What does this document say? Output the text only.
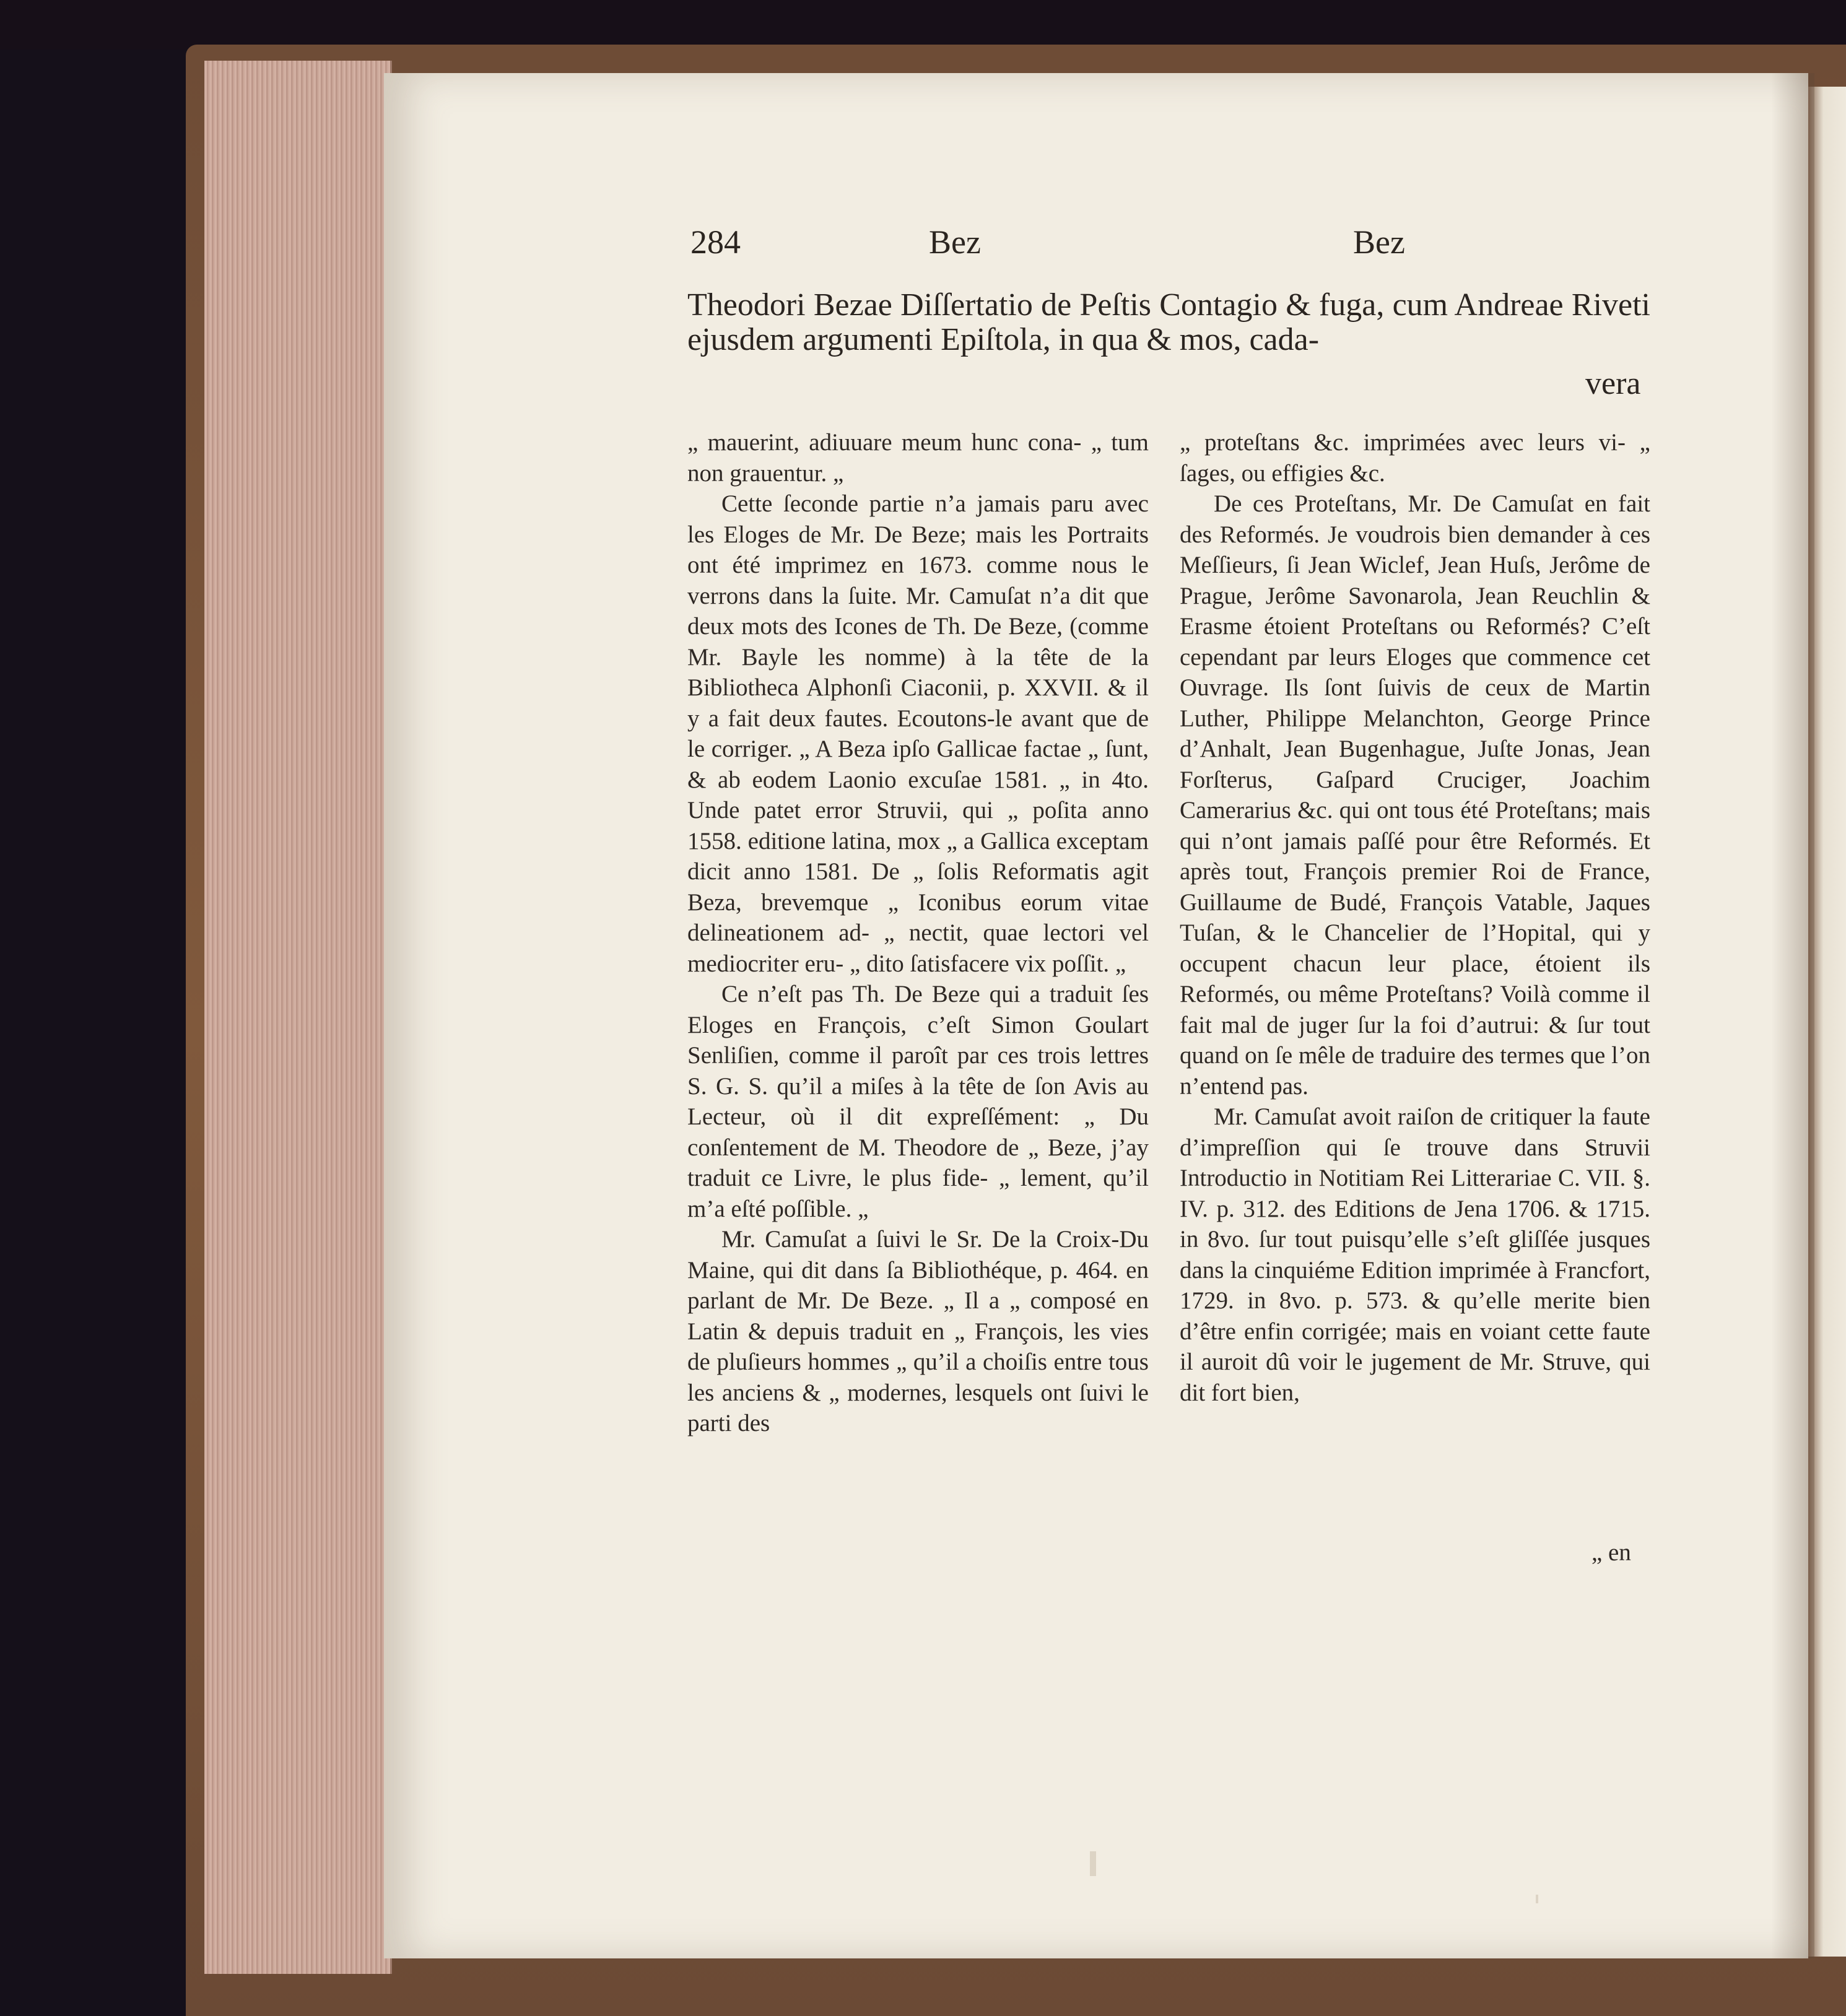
284	Bez	Bez
Theodori Bezae Diſſertatio de Peſtis Contagio & fuga, cum Andreae Riveti ejusdem argumenti Epiſtola, in qua & mos, cada-
vera

„ mauerint, adiuuare meum hunc cona- „ tum non grauentur. „

Cette ſeconde partie n’a jamais paru avec les Eloges de Mr. De Beze; mais les Portraits ont été imprimez en 1673. comme nous le verrons dans la ſuite. Mr. Camuſat n’a dit que deux mots des Icones de Th. De Beze, (comme Mr. Bayle les nomme) à la tête de la Bibliotheca Alphonſi Ciaconii, p. XXVII. & il y a fait deux fautes. Ecoutons-le avant que de le corriger. „ A Beza ipſo Gallicae factae „ ſunt, & ab eodem Laonio excuſae 1581. „ in 4to. Unde patet error Struvii, qui „ poſita anno 1558. editione latina, mox „ a Gallica exceptam dicit anno 1581. De „ ſolis Reformatis agit Beza, brevemque „ Iconibus eorum vitae delineationem ad- „ nectit, quae lectori vel mediocriter eru- „ dito ſatisfacere vix poſſit. „

Ce n’eſt pas Th. De Beze qui a traduit ſes Eloges en François, c’eſt Simon Goulart Senliſien, comme il paroît par ces trois lettres S. G. S. qu’il a miſes à la tête de ſon Avis au Lecteur, où il dit expreſſément: „ Du conſentement de M. Theodore de „ Beze, j’ay traduit ce Livre, le plus fide- „ lement, qu’il m’a eſté poſſible. „

Mr. Camuſat a ſuivi le Sr. De la Croix-Du Maine, qui dit dans ſa Bibliothéque, p. 464. en parlant de Mr. De Beze. „ Il a „ composé en Latin & depuis traduit en „ François, les vies de pluſieurs hommes „ qu’il a choiſis entre tous les anciens & „ modernes, lesquels ont ſuivi le parti des

„ proteſtans &c. imprimées avec leurs vi- „ ſages, ou effigies &c.

De ces Proteſtans, Mr. De Camuſat en fait des Reformés. Je voudrois bien demander à ces Meſſieurs, ſi Jean Wiclef, Jean Huſs, Jerôme de Prague, Jerôme Savonarola, Jean Reuchlin & Erasme étoient Proteſtans ou Reformés? C’eſt cependant par leurs Eloges que commence cet Ouvrage. Ils ſont ſuivis de ceux de Martin Luther, Philippe Melanchton, George Prince d’Anhalt, Jean Bugenhague, Juſte Jonas, Jean Forſterus, Gaſpard Cruciger, Joachim Camerarius &c. qui ont tous été Proteſtans; mais qui n’ont jamais paſſé pour être Reformés. Et après tout, François premier Roi de France, Guillaume de Budé, François Vatable, Jaques Tuſan, & le Chancelier de l’Hopital, qui y occupent chacun leur place, étoient ils Reformés, ou même Proteſtans? Voilà comme il fait mal de juger ſur la foi d’autrui: & ſur tout quand on ſe mêle de traduire des termes que l’on n’entend pas.

Mr. Camuſat avoit raiſon de critiquer la faute d’impreſſion qui ſe trouve dans Struvii Introductio in Notitiam Rei Litterariae C. VII. §. IV. p. 312. des Editions de Jena 1706. & 1715. in 8vo. ſur tout puisqu’elle s’eſt gliſſée jusques dans la cinquiéme Edition imprimée à Francfort, 1729. in 8vo. p. 573. & qu’elle merite bien d’être enfin corrigée; mais en voiant cette faute il auroit dû voir le jugement de Mr. Struve, qui dit fort bien,

„ en
